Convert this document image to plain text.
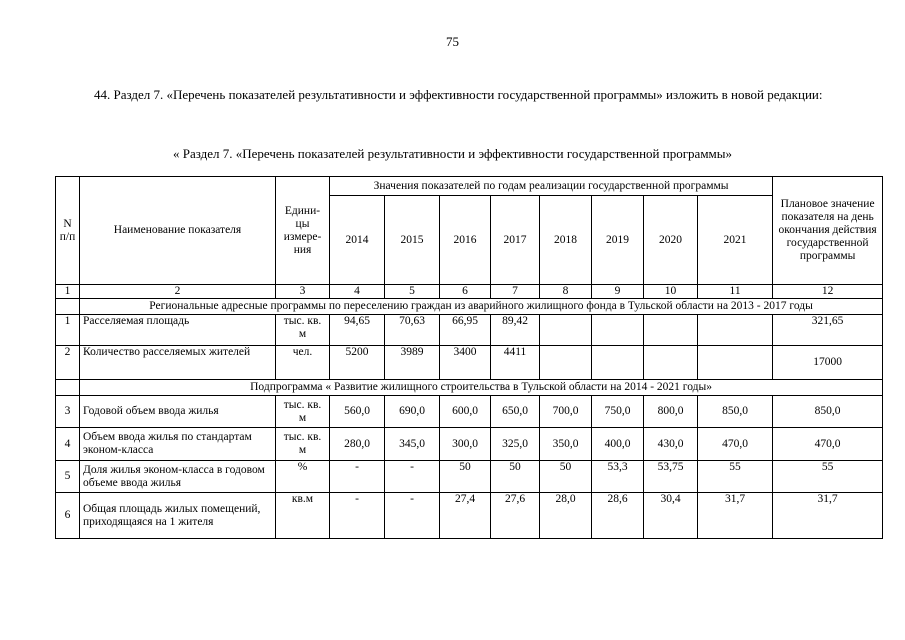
75
44. Раздел 7. «Перечень показателей результативности и эффективности государственной программы» изложить в новой редакции:
« Раздел 7. «Перечень показателей результативности и эффективности государственной программы»
N п/п	Наименование показателя	Едини- цы измере- ния	Значения показателей по годам реализации государственной программы								Плановое значение показателя на день окончания действия государственной программы
			2014	2015	2016	2017	2018	2019	2020	2021	
1	2	3	4	5	6	7	8	9	10	11	12
	Региональные адресные программы по переселению граждан из аварийного жилищного фонда в Тульской области на 2013 - 2017 годы										
1	Расселяемая площадь	тыс. кв. м	94,65	70,63	66,95	89,42					321,65
2	Количество расселяемых жителей	чел.	5200	3989	3400	4411					17000
	Подпрограмма « Развитие жилищного строительства в Тульской области на 2014 - 2021 годы»										
3	Годовой объем ввода жилья	тыс. кв. м	560,0	690,0	600,0	650,0	700,0	750,0	800,0	850,0	850,0
4	Объем ввода жилья по стандартам эконом-класса	тыс. кв. м	280,0	345,0	300,0	325,0	350,0	400,0	430,0	470,0	470,0
5	Доля жилья эконом-класса в годовом объеме ввода жилья	%	-	-	50	50	50	53,3	53,75	55	55
6	Общая площадь жилых помещений, приходящаяся на 1 жителя	кв.м	-	-	27,4	27,6	28,0	28,6	30,4	31,7	31,7
